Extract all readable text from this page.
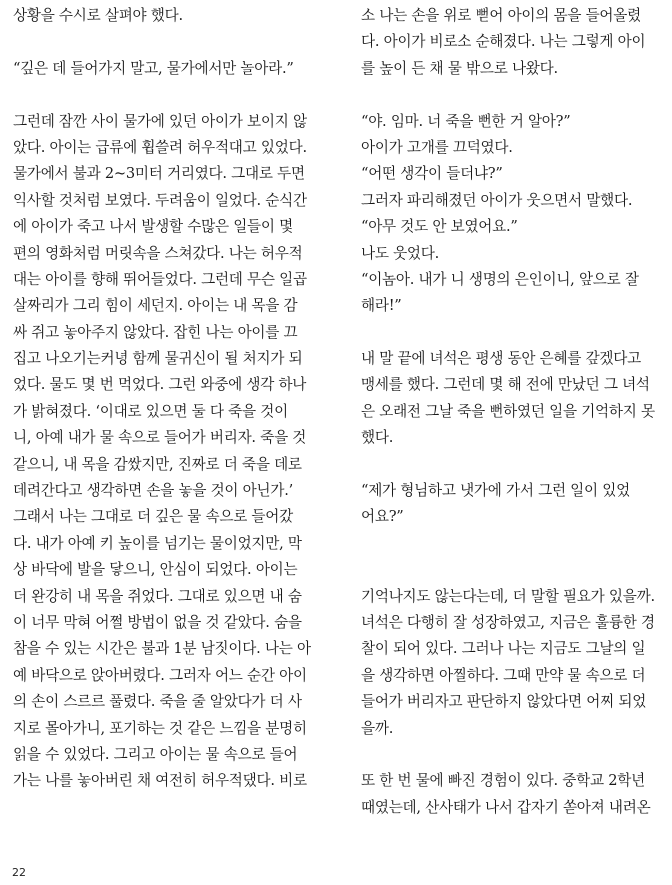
상황을 수시로 살펴야 했다.
“깊은 데 들어가지 말고, 물가에서만 놀아라.”
그런데 잠깐 사이 물가에 있던 아이가 보이지 않
았다. 아이는 급류에 휩쓸려 허우적대고 있었다.
물가에서 불과 2~3미터 거리였다. 그대로 두면
익사할 것처럼 보였다. 두려움이 일었다. 순식간
에 아이가 죽고 나서 발생할 수많은 일들이 몇
편의 영화처럼 머릿속을 스쳐갔다. 나는 허우적
대는 아이를 향해 뛰어들었다. 그런데 무슨 일곱
살짜리가 그리 힘이 세던지. 아이는 내 목을 감
싸 쥐고 놓아주지 않았다. 잡힌 나는 아이를 끄
집고 나오기는커녕 함께 물귀신이 될 처지가 되
었다. 물도 몇 번 먹었다. 그런 와중에 생각 하나
가 밝혀졌다. ‘이대로 있으면 둘 다 죽을 것이
니, 아예 내가 물 속으로 들어가 버리자. 죽을 것
같으니, 내 목을 감쌌지만, 진짜로 더 죽을 데로
데려간다고 생각하면 손을 놓을 것이 아닌가.’
그래서 나는 그대로 더 깊은 물 속으로 들어갔
다. 내가 아예 키 높이를 넘기는 물이었지만, 막
상 바닥에 발을 닿으니, 안심이 되었다. 아이는
더 완강히 내 목을 쥐었다. 그대로 있으면 내 숨
이 너무 막혀 어쩔 방법이 없을 것 같았다. 숨을
참을 수 있는 시간은 불과 1분 남짓이다. 나는 아
예 바닥으로 앉아버렸다. 그러자 어느 순간 아이
의 손이 스르르 풀렸다. 죽을 줄 알았다가 더 사
지로 몰아가니, 포기하는 것 같은 느낌을 분명히
읽을 수 있었다. 그리고 아이는 물 속으로 들어
가는 나를 놓아버린 채 여전히 허우적댔다. 비로
소 나는 손을 위로 뻗어 아이의 몸을 들어올렸
다. 아이가 비로소 순해졌다. 나는 그렇게 아이
를 높이 든 채 물 밖으로 나왔다.
“야. 임마. 너 죽을 뻔한 거 알아?”
아이가 고개를 끄덕였다.
“어떤 생각이 들더냐?”
그러자 파리해졌던 아이가 웃으면서 말했다.
“아무 것도 안 보였어요.”
나도 웃었다.
“이놈아. 내가 니 생명의 은인이니, 앞으로 잘
해라!”
내 말 끝에 녀석은 평생 동안 은혜를 갚겠다고
맹세를 했다. 그런데 몇 해 전에 만났던 그 녀석
은 오래전 그날 죽을 뻔하였던 일을 기억하지 못
했다.
“제가 형님하고 냇가에 가서 그런 일이 있었
어요?”
기억나지도 않는다는데, 더 말할 필요가 있을까.
녀석은 다행히 잘 성장하였고, 지금은 훌륭한 경
찰이 되어 있다. 그러나 나는 지금도 그날의 일
을 생각하면 아찔하다. 그때 만약 물 속으로 더
들어가 버리자고 판단하지 않았다면 어찌 되었
을까.
또 한 번 물에 빠진 경험이 있다. 중학교 2학년
때였는데, 산사태가 나서 갑자기 쏟아져 내려온
22
